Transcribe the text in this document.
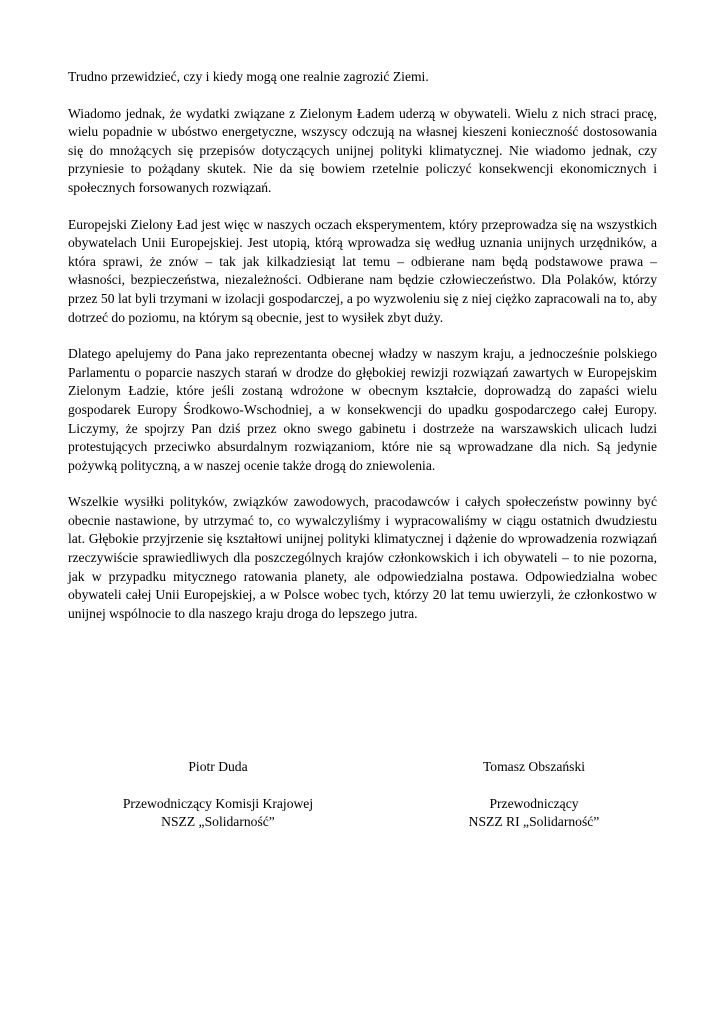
Trudno przewidzieć, czy i kiedy mogą one realnie zagrozić Ziemi.

Wiadomo jednak, że wydatki związane z Zielonym Ładem uderzą w obywateli. Wielu z nich straci pracę, wielu popadnie w ubóstwo energetyczne, wszyscy odczują na własnej kieszeni konieczność dostosowania się do mnożących się przepisów dotyczących unijnej polityki klimatycznej. Nie wiadomo jednak, czy przyniesie to pożądany skutek. Nie da się bowiem rzetelnie policzyć konsekwencji ekonomicznych i społecznych forsowanych rozwiązań.

Europejski Zielony Ład jest więc w naszych oczach eksperymentem, który przeprowadza się na wszystkich obywatelach Unii Europejskiej. Jest utopią, którą wprowadza się według uznania unijnych urzędników, a która sprawi, że znów – tak jak kilkadziesiąt lat temu – odbierane nam będą podstawowe prawa – własności, bezpieczeństwa, niezależności. Odbierane nam będzie człowieczeństwo. Dla Polaków, którzy przez 50 lat byli trzymani w izolacji gospodarczej, a po wyzwoleniu się z niej ciężko zapracowali na to, aby dotrzeć do poziomu, na którym są obecnie, jest to wysiłek zbyt duży.

Dlatego apelujemy do Pana jako reprezentanta obecnej władzy w naszym kraju, a jednocześnie polskiego Parlamentu o poparcie naszych starań w drodze do głębokiej rewizji rozwiązań zawartych w Europejskim Zielonym Ładzie, które jeśli zostaną wdrożone w obecnym kształcie, doprowadzą do zapaści wielu gospodarek Europy Środkowo-Wschodniej, a w konsekwencji do upadku gospodarczego całej Europy. Liczymy, że spojrzy Pan dziś przez okno swego gabinetu i dostrzeże na warszawskich ulicach ludzi protestujących przeciwko absurdalnym rozwiązaniom, które nie są wprowadzane dla nich. Są jedynie pożywką polityczną, a w naszej ocenie także drogą do zniewolenia.

Wszelkie wysiłki polityków, związków zawodowych, pracodawców i całych społeczeństw powinny być obecnie nastawione, by utrzymać to, co wywalczyliśmy i wypracowaliśmy w ciągu ostatnich dwudziestu lat. Głębokie przyjrzenie się kształtowi unijnej polityki klimatycznej i dążenie do wprowadzenia rozwiązań rzeczywiście sprawiedliwych dla poszczególnych krajów członkowskich i ich obywateli – to nie pozorna, jak w przypadku mitycznego ratowania planety, ale odpowiedzialna postawa. Odpowiedzialna wobec obywateli całej Unii Europejskiej, a w Polsce wobec tych, którzy 20 lat temu uwierzyli, że członkostwo w unijnej wspólnocie to dla naszego kraju droga do lepszego jutra.

Piotr Duda

Przewodniczący Komisji Krajowej

NSZZ „Solidarność”

Tomasz Obszański

Przewodniczący

NSZZ RI „Solidarność”
